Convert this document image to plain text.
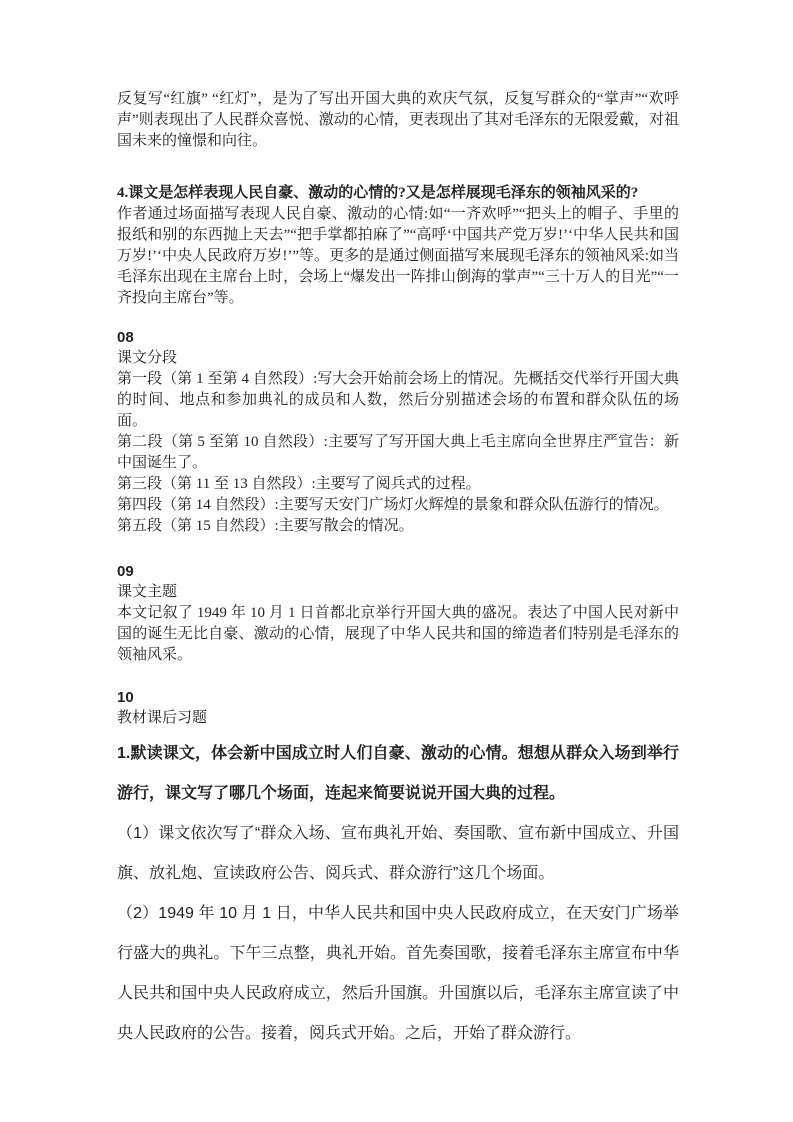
反复写“红旗” “红灯”，是为了写出开国大典的欢庆气氛，反复写群众的“掌声”“欢呼声”则表现出了人民群众喜悦、激动的心情，更表现出了其对毛泽东的无限爱戴，对祖国未来的憧憬和向往。

4.课文是怎样表现人民自豪、激动的心情的?又是怎样展现毛泽东的领袖风采的?

作者通过场面描写表现人民自豪、激动的心情:如“一齐欢呼”“把头上的帽子、手里的报纸和别的东西抛上天去”“把手掌都拍麻了”“高呼‘中国共产党万岁!’‘中华人民共和国万岁!’‘中央人民政府万岁!’”等。更多的是通过侧面描写来展现毛泽东的领袖风采:如当毛泽东出现在主席台上时，会场上“爆发出一阵排山倒海的掌声”“三十万人的目光”“一齐投向主席台”等。

08

课文分段

第一段（第 1 至第 4 自然段）:写大会开始前会场上的情况。先概括交代举行开国大典的时间、地点和参加典礼的成员和人数，然后分别描述会场的布置和群众队伍的场面。

第二段（第 5 至第 10 自然段）:主要写了写开国大典上毛主席向全世界庄严宣告：新中国诞生了。

第三段（第 11 至 13 自然段）:主要写了阅兵式的过程。

第四段（第 14 自然段）:主要写天安门广场灯火辉煌的景象和群众队伍游行的情况。

第五段（第 15 自然段）:主要写散会的情况。

09

课文主题

本文记叙了 1949 年 10 月 1 日首都北京举行开国大典的盛况。表达了中国人民对新中国的诞生无比自豪、激动的心情，展现了中华人民共和国的缔造者们特别是毛泽东的领袖风采。

10

教材课后习题

1.默读课文，体会新中国成立时人们自豪、激动的心情。想想从群众入场到举行游行，课文写了哪几个场面，连起来简要说说开国大典的过程。

（1）课文依次写了“群众入场、宣布典礼开始、奏国歌、宣布新中国成立、升国旗、放礼炮、宣读政府公告、阅兵式、群众游行”这几个场面。

（2）1949 年 10 月 1 日，中华人民共和国中央人民政府成立，在天安门广场举行盛大的典礼。下午三点整，典礼开始。首先奏国歌，接着毛泽东主席宣布中华人民共和国中央人民政府成立，然后升国旗。升国旗以后，毛泽东主席宣读了中央人民政府的公告。接着，阅兵式开始。之后，开始了群众游行。
